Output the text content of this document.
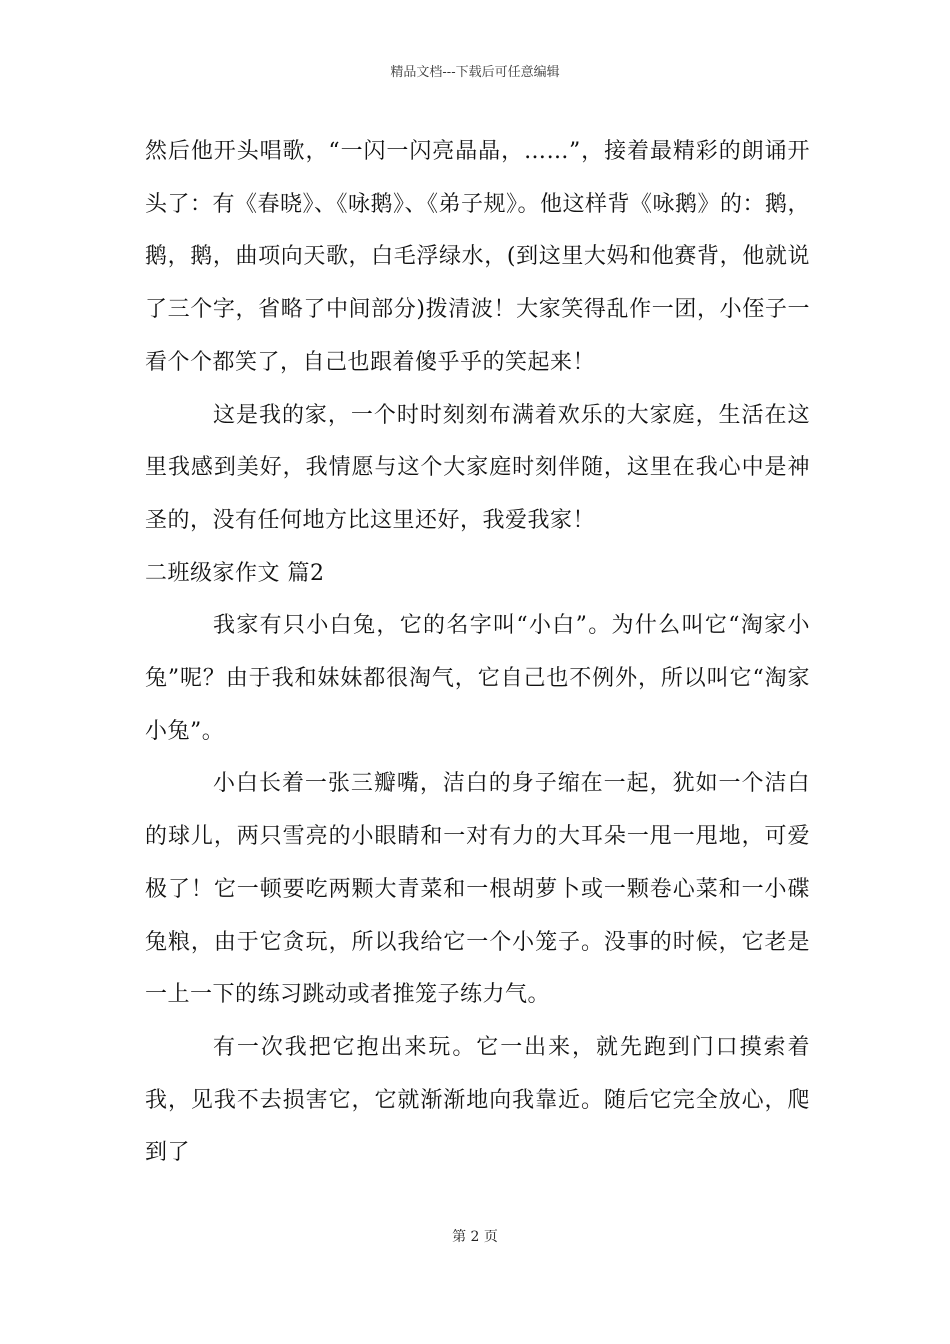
精品文档---下载后可任意编辑

然后他开头唱歌，“一闪一闪亮晶晶，……”，接着最精彩的朗诵开头了：有《春晓》、《咏鹅》、《弟子规》。他这样背《咏鹅》的：鹅，鹅，鹅，曲项向天歌，白毛浮绿水，(到这里大妈和他赛背，他就说了三个字，省略了中间部分)拨清波！大家笑得乱作一团，小侄子一看个个都笑了，自己也跟着傻乎乎的笑起来！

这是我的家，一个时时刻刻布满着欢乐的大家庭，生活在这里我感到美好，我情愿与这个大家庭时刻伴随，这里在我心中是神圣的，没有任何地方比这里还好，我爱我家！

二班级家作文 篇2

我家有只小白兔，它的名字叫“小白”。为什么叫它“淘家小兔”呢？由于我和妹妹都很淘气，它自己也不例外，所以叫它“淘家小兔”。

小白长着一张三瓣嘴，洁白的身子缩在一起，犹如一个洁白的球儿，两只雪亮的小眼睛和一对有力的大耳朵一甩一甩地，可爱极了！它一顿要吃两颗大青菜和一根胡萝卜或一颗卷心菜和一小碟兔粮，由于它贪玩，所以我给它一个小笼子。没事的时候，它老是一上一下的练习跳动或者推笼子练力气。

有一次我把它抱出来玩。它一出来，就先跑到门口摸索着我，见我不去损害它，它就渐渐地向我靠近。随后它完全放心，爬到了

第 2 页
